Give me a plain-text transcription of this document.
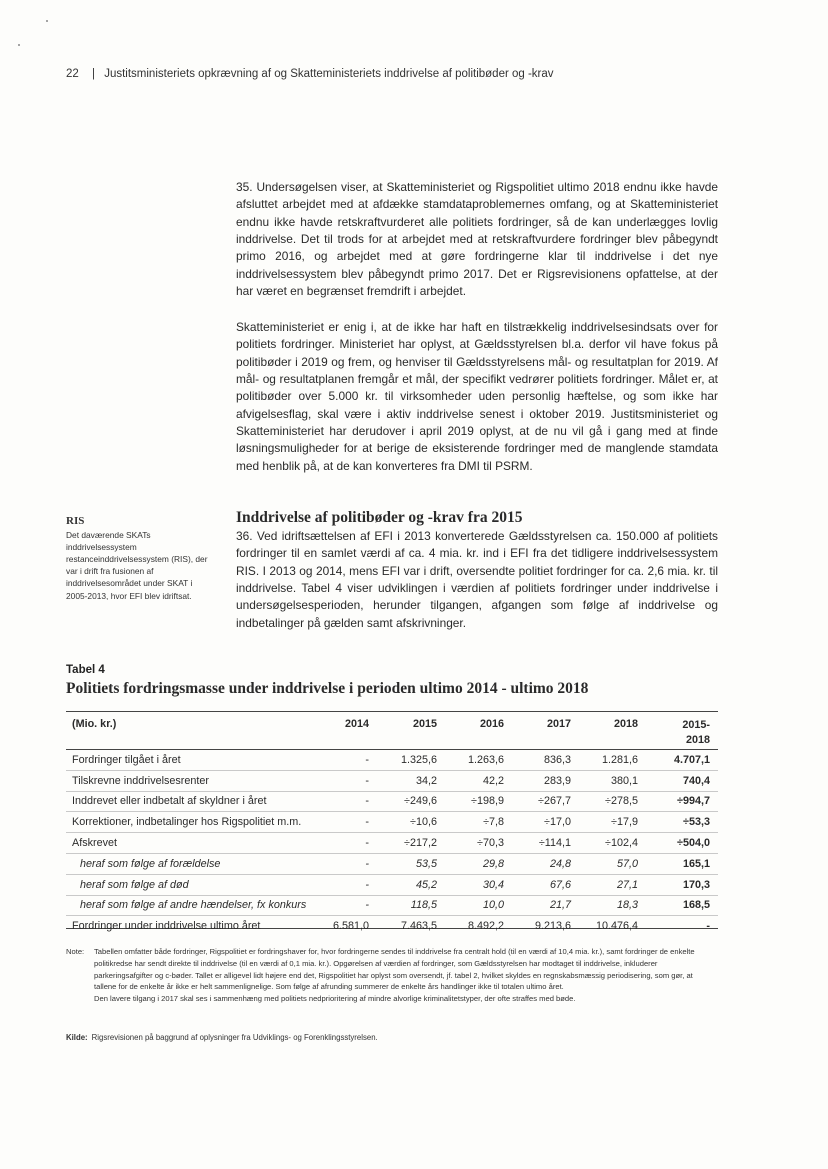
22 | Justitsministeriets opkrævning af og Skatteministeriets inddrivelse af politibøder og -krav

35. Undersøgelsen viser, at Skatteministeriet og Rigspolitiet ultimo 2018 endnu ikke havde afsluttet arbejdet med at afdække stamdataproblemernes omfang, og at Skatteministeriet endnu ikke havde retskraftvurderet alle politiets fordringer, så de kan underlægges lovlig inddrivelse. Det til trods for at arbejdet med at retskraftvurdere fordringer blev påbegyndt primo 2016, og arbejdet med at gøre fordringerne klar til inddrivelse i det nye inddrivelsessystem blev påbegyndt primo 2017. Det er Rigsrevisionens opfattelse, at der har været en begrænset fremdrift i arbejdet.

Skatteministeriet er enig i, at de ikke har haft en tilstrækkelig inddrivelsesindsats over for politiets fordringer. Ministeriet har oplyst, at Gældsstyrelsen bl.a. derfor vil have fokus på politibøder i 2019 og frem, og henviser til Gældsstyrelsens mål- og resultatplan for 2019. Af mål- og resultatplanen fremgår et mål, der specifikt vedrører politiets fordringer. Målet er, at politibøder over 5.000 kr. til virksomheder uden personlig hæftelse, og som ikke har afvigelsesflag, skal være i aktiv inddrivelse senest i oktober 2019. Justitsministeriet og Skatteministeriet har derudover i april 2019 oplyst, at de nu vil gå i gang med at finde løsningsmuligheder for at berige de eksisterende fordringer med de manglende stamdata med henblik på, at de kan konverteres fra DMI til PSRM.

RIS

Det daværende SKATs inddrivelsessystem restanceinddrivelsessystem (RIS), der var i drift fra fusionen af inddrivelsesområdet under SKAT i 2005-2013, hvor EFI blev idriftsat.

Inddrivelse af politibøder og -krav fra 2015

36. Ved idriftsættelsen af EFI i 2013 konverterede Gældsstyrelsen ca. 150.000 af politiets fordringer til en samlet værdi af ca. 4 mia. kr. ind i EFI fra det tidligere inddrivelsessystem RIS. I 2013 og 2014, mens EFI var i drift, oversendte politiet fordringer for ca. 2,6 mia. kr. til inddrivelse. Tabel 4 viser udviklingen i værdien af politiets fordringer under inddrivelse i undersøgelsesperioden, herunder tilgangen, afgangen som følge af inddrivelse og indbetalinger på gælden samt afskrivninger.

Tabel 4
Politiets fordringsmasse under inddrivelse i perioden ultimo 2014 - ultimo 2018
(Mio. kr.)	2014	2015	2016	2017	2018	2015-
2018
Fordringer tilgået i året	-	1.325,6	1.263,6	836,3	1.281,6	4.707,1
Tilskrevne inddrivelsesrenter	-	34,2	42,2	283,9	380,1	740,4
Inddrevet eller indbetalt af skyldner i året	-	÷249,6	÷198,9	÷267,7	÷278,5	÷994,7
Korrektioner, indbetalinger hos Rigspolitiet m.m.	-	÷10,6	÷7,8	÷17,0	÷17,9	÷53,3
Afskrevet	-	÷217,2	÷70,3	÷114,1	÷102,4	÷504,0
heraf som følge af forældelse	-	53,5	29,8	24,8	57,0	165,1
heraf som følge af død	-	45,2	30,4	67,6	27,1	170,3
heraf som følge af andre hændelser, fx konkurs	-	118,5	10,0	21,7	18,3	168,5
Fordringer under inddrivelse ultimo året	6.581,0	7.463,5	8.492,2	9.213,6	10.476,4	-
Note: Tabellen omfatter både fordringer, Rigspolitiet er fordringshaver for, hvor fordringerne sendes til inddrivelse fra centralt hold (til en værdi af 10,4 mia. kr.), samt fordringer de enkelte politikredse har sendt direkte til inddrivelse (til en værdi af 0,1 mia. kr.). Opgørelsen af værdien af fordringer, som Gældsstyrelsen har modtaget til inddrivelse, inkluderer parkeringsafgifter og c-bøder. Tallet er alligevel lidt højere end det, Rigspolitiet har oplyst som oversendt, jf. tabel 2, hvilket skyldes en regnskabsmæssig periodisering, som gør, at tallene for de enkelte år ikke er helt sammenlignelige. Som følge af afrunding summerer de enkelte års handlinger ikke til totalen ultimo året.
Den lavere tilgang i 2017 skal ses i sammenhæng med politiets nedprioritering af mindre alvorlige kriminalitetstyper, der ofte straffes med bøde.
Kilde: Rigsrevisionen på baggrund af oplysninger fra Udviklings- og Forenklingsstyrelsen.
